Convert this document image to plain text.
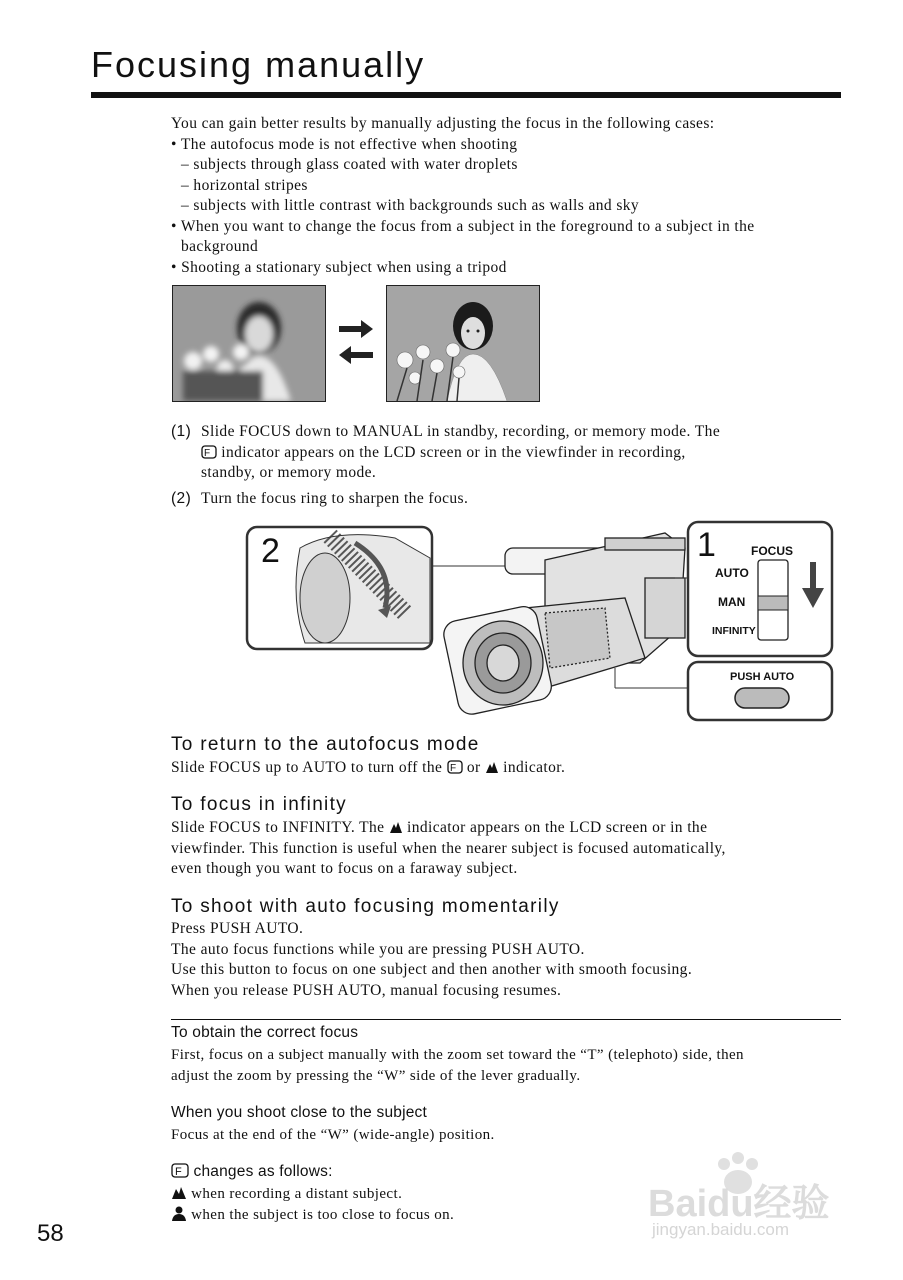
Focusing manually
You can gain better results by manually adjusting the focus in the following cases:
• The autofocus mode is not effective when shooting
– subjects through glass coated with water droplets
– horizontal stripes
– subjects with little contrast with backgrounds such as walls and sky
• When you want to change the focus from a subject in the foreground to a subject in the
background
• Shooting a stationary subject when using a tripod
(1) Slide FOCUS down to MANUAL in standby, recording, or memory mode. The
F indicator appears on the LCD screen or in the viewfinder in recording,
standby, or memory mode.
(2) Turn the focus ring to sharpen the focus.
2	1	FOCUS
AUTO
MAN
INFINITY
PUSH AUTO
To return to the autofocus mode
Slide FOCUS up to AUTO to turn off the F or indicator.
To focus in infinity
Slide FOCUS to INFINITY. The indicator appears on the LCD screen or in the
viewfinder. This function is useful when the nearer subject is focused automatically,
even though you want to focus on a faraway subject.
To shoot with auto focusing momentarily
Press PUSH AUTO.
The auto focus functions while you are pressing PUSH AUTO.
Use this button to focus on one subject and then another with smooth focusing.
When you release PUSH AUTO, manual focusing resumes.
To obtain the correct focus
First, focus on a subject manually with the zoom set toward the “T” (telephoto) side, then
adjust the zoom by pressing the “W” side of the lever gradually.
When you shoot close to the subject
Focus at the end of the “W” (wide-angle) position.
F changes as follows:
when recording a distant subject.
when the subject is too close to focus on.
58
Baidu经验
jingyan.baidu.com
